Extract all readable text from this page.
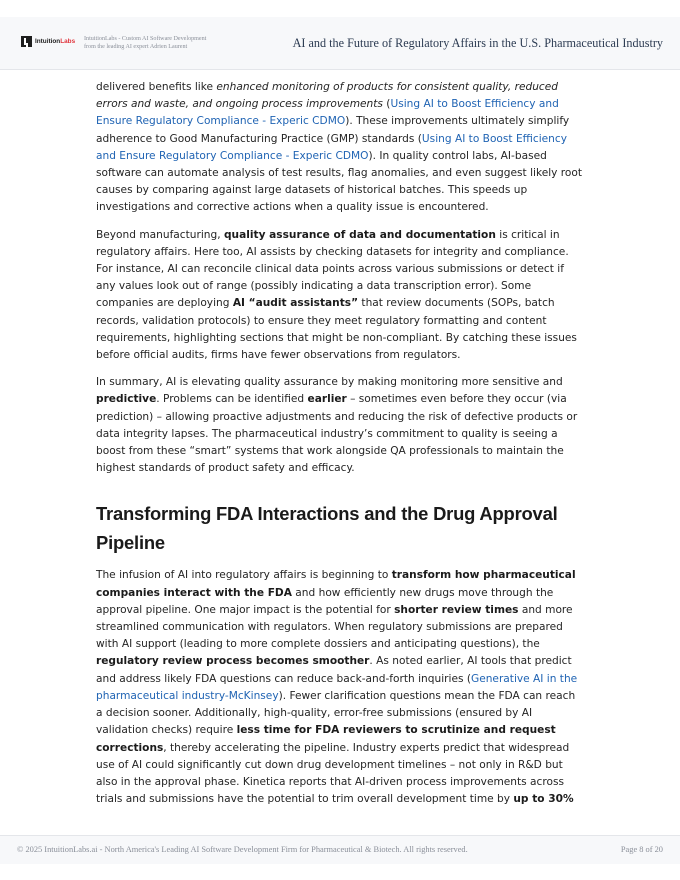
IntuitionLabs IntuitionLabs - Custom AI Software Development
from the leading AI expert Adrien Laurent	AI and the Future of Regulatory Affairs in the U.S. Pharmaceutical Industry

delivered benefits like enhanced monitoring of products for consistent quality, reduced errors and waste, and ongoing process improvements (Using AI to Boost Efficiency and Ensure Regulatory Compliance - Experic CDMO). These improvements ultimately simplify adherence to Good Manufacturing Practice (GMP) standards (Using AI to Boost Efficiency and Ensure Regulatory Compliance - Experic CDMO). In quality control labs, AI-based software can automate analysis of test results, flag anomalies, and even suggest likely root causes by comparing against large datasets of historical batches. This speeds up investigations and corrective actions when a quality issue is encountered.

Beyond manufacturing, quality assurance of data and documentation is critical in regulatory affairs. Here too, AI assists by checking datasets for integrity and compliance. For instance, AI can reconcile clinical data points across various submissions or detect if any values look out of range (possibly indicating a data transcription error). Some companies are deploying AI “audit assistants” that review documents (SOPs, batch records, validation protocols) to ensure they meet regulatory formatting and content requirements, highlighting sections that might be non-compliant. By catching these issues before official audits, firms have fewer observations from regulators.

In summary, AI is elevating quality assurance by making monitoring more sensitive and predictive. Problems can be identified earlier – sometimes even before they occur (via prediction) – allowing proactive adjustments and reducing the risk of defective products or data integrity lapses. The pharmaceutical industry’s commitment to quality is seeing a boost from these “smart” systems that work alongside QA professionals to maintain the highest standards of product safety and efficacy.

Transforming FDA Interactions and the Drug Approval Pipeline

The infusion of AI into regulatory affairs is beginning to transform how pharmaceutical companies interact with the FDA and how efficiently new drugs move through the approval pipeline. One major impact is the potential for shorter review times and more streamlined communication with regulators. When regulatory submissions are prepared with AI support (leading to more complete dossiers and anticipating questions), the regulatory review process becomes smoother. As noted earlier, AI tools that predict and address likely FDA questions can reduce back-and-forth inquiries (Generative AI in the pharmaceutical industry-McKinsey). Fewer clarification questions mean the FDA can reach a decision sooner. Additionally, high-quality, error-free submissions (ensured by AI validation checks) require less time for FDA reviewers to scrutinize and request corrections, thereby accelerating the pipeline. Industry experts predict that widespread use of AI could significantly cut down drug development timelines – not only in R&D but also in the approval phase. Kinetica reports that AI-driven process improvements across trials and submissions have the potential to trim overall development time by up to 30%

© 2025 IntuitionLabs.ai - North America's Leading AI Software Development Firm for Pharmaceutical & Biotech. All rights reserved.	Page 8 of 20
